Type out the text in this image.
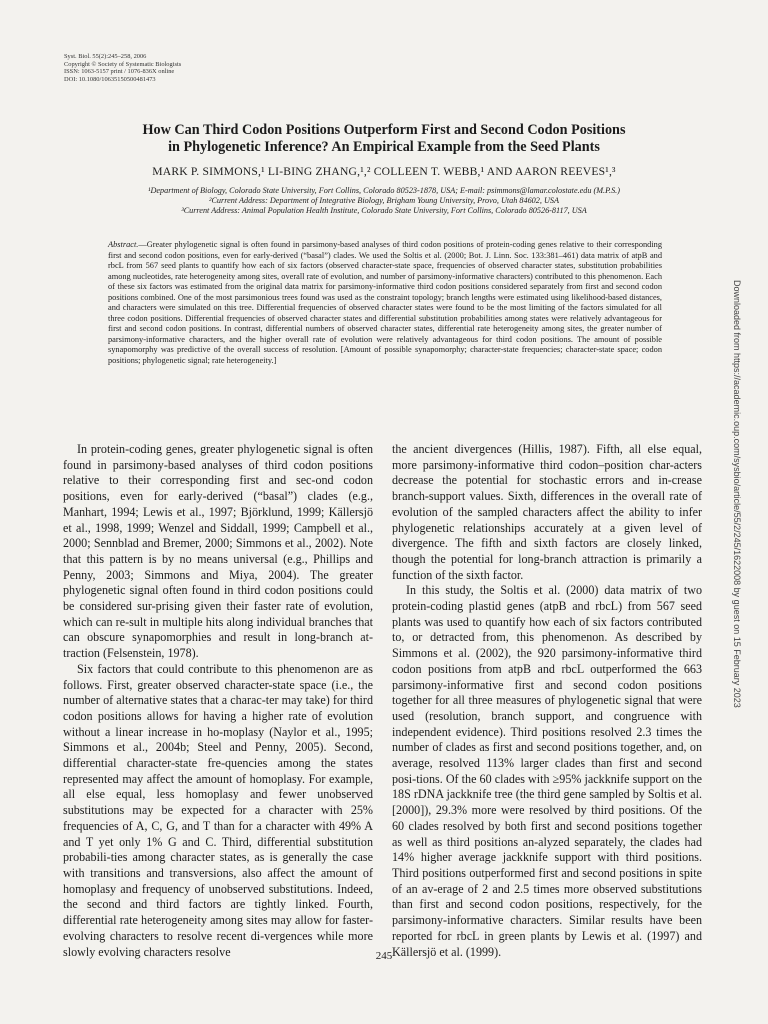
Syst. Biol. 55(2):245–258, 2006
Copyright © Society of Systematic Biologists
ISSN: 1063-5157 print / 1076-836X online
DOI: 10.1080/10635150500481473
How Can Third Codon Positions Outperform First and Second Codon Positions
in Phylogenetic Inference? An Empirical Example from the Seed Plants
MARK P. SIMMONS,¹ LI-BING ZHANG,¹,² COLLEEN T. WEBB,¹ AND AARON REEVES¹,³
¹Department of Biology, Colorado State University, Fort Collins, Colorado 80523-1878, USA; E-mail: psimmons@lamar.colostate.edu (M.P.S.)
²Current Address: Department of Integrative Biology, Brigham Young University, Provo, Utah 84602, USA
³Current Address: Animal Population Health Institute, Colorado State University, Fort Collins, Colorado 80526-8117, USA
Abstract.—Greater phylogenetic signal is often found in parsimony-based analyses of third codon positions of protein-coding genes relative to their corresponding first and second codon positions, even for early-derived (“basal”) clades. We used the Soltis et al. (2000; Bot. J. Linn. Soc. 133:381–461) data matrix of atpB and rbcL from 567 seed plants to quantify how each of six factors (observed character-state space, frequencies of observed character states, substitution probabilities among nucleotides, rate heterogeneity among sites, overall rate of evolution, and number of parsimony-informative characters) contributed to this phenomenon. Each of these six factors was estimated from the original data matrix for parsimony-informative third codon positions considered separately from first and second codon positions combined. One of the most parsimonious trees found was used as the constraint topology; branch lengths were estimated using likelihood-based distances, and characters were simulated on this tree. Differential frequencies of observed character states were found to be the most limiting of the factors simulated for all three codon positions. Differential frequencies of observed character states and differential substitution probabilities among states were relatively advantageous for first and second codon positions. In contrast, differential numbers of observed character states, differential rate heterogeneity among sites, the greater number of parsimony-informative characters, and the higher overall rate of evolution were relatively advantageous for third codon positions. The amount of possible synapomorphy was predictive of the overall success of resolution. [Amount of possible synapomorphy; character-state frequencies; character-state space; codon positions; phylogenetic signal; rate heterogeneity.]

In protein-coding genes, greater phylogenetic signal is often found in parsimony-based analyses of third codon positions relative to their corresponding first and sec-ond codon positions, even for early-derived (“basal”) clades (e.g., Manhart, 1994; Lewis et al., 1997; Björklund, 1999; Källersjö et al., 1998, 1999; Wenzel and Siddall, 1999; Campbell et al., 2000; Sennblad and Bremer, 2000; Simmons et al., 2002). Note that this pattern is by no means universal (e.g., Phillips and Penny, 2003; Simmons and Miya, 2004). The greater phylogenetic signal often found in third codon positions could be considered sur-prising given their faster rate of evolution, which can re-sult in multiple hits along individual branches that can obscure synapomorphies and result in long-branch at-traction (Felsenstein, 1978).

Six factors that could contribute to this phenomenon are as follows. First, greater observed character-state space (i.e., the number of alternative states that a charac-ter may take) for third codon positions allows for having a higher rate of evolution without a linear increase in ho-moplasy (Naylor et al., 1995; Simmons et al., 2004b; Steel and Penny, 2005). Second, differential character-state fre-quencies among the states represented may affect the amount of homoplasy. For example, all else equal, less homoplasy and fewer unobserved substitutions may be expected for a character with 25% frequencies of A, C, G, and T than for a character with 49% A and T yet only 1% G and C. Third, differential substitution probabili-ties among character states, as is generally the case with transitions and transversions, also affect the amount of homoplasy and frequency of unobserved substitutions. Indeed, the second and third factors are tightly linked. Fourth, differential rate heterogeneity among sites may allow for faster-evolving characters to resolve recent di-vergences while more slowly evolving characters resolve

the ancient divergences (Hillis, 1987). Fifth, all else equal, more parsimony-informative third codon–position char-acters decrease the potential for stochastic errors and in-crease branch-support values. Sixth, differences in the overall rate of evolution of the sampled characters affect the ability to infer phylogenetic relationships accurately at a given level of divergence. The fifth and sixth factors are closely linked, though the potential for long-branch attraction is primarily a function of the sixth factor.

In this study, the Soltis et al. (2000) data matrix of two protein-coding plastid genes (atpB and rbcL) from 567 seed plants was used to quantify how each of six factors contributed to, or detracted from, this phenomenon. As described by Simmons et al. (2002), the 920 parsimony-informative third codon positions from atpB and rbcL outperformed the 663 parsimony-informative first and second codon positions together for all three measures of phylogenetic signal that were used (resolution, branch support, and congruence with independent evidence). Third positions resolved 2.3 times the number of clades as first and second positions together, and, on average, resolved 113% larger clades than first and second posi-tions. Of the 60 clades with ≥95% jackknife support on the 18S rDNA jackknife tree (the third gene sampled by Soltis et al. [2000]), 29.3% more were resolved by third positions. Of the 60 clades resolved by both first and second positions together as well as third positions an-alyzed separately, the clades had 14% higher average jackknife support with third positions. Third positions outperformed first and second positions in spite of an av-erage of 2 and 2.5 times more observed substitutions than first and second codon positions, respectively, for the parsimony-informative characters. Similar results have been reported for rbcL in green plants by Lewis et al. (1997) and Källersjö et al. (1999).

245
Downloaded from https://academic.oup.com/sysbio/article/55/2/245/1622008 by guest on 15 February 2023
